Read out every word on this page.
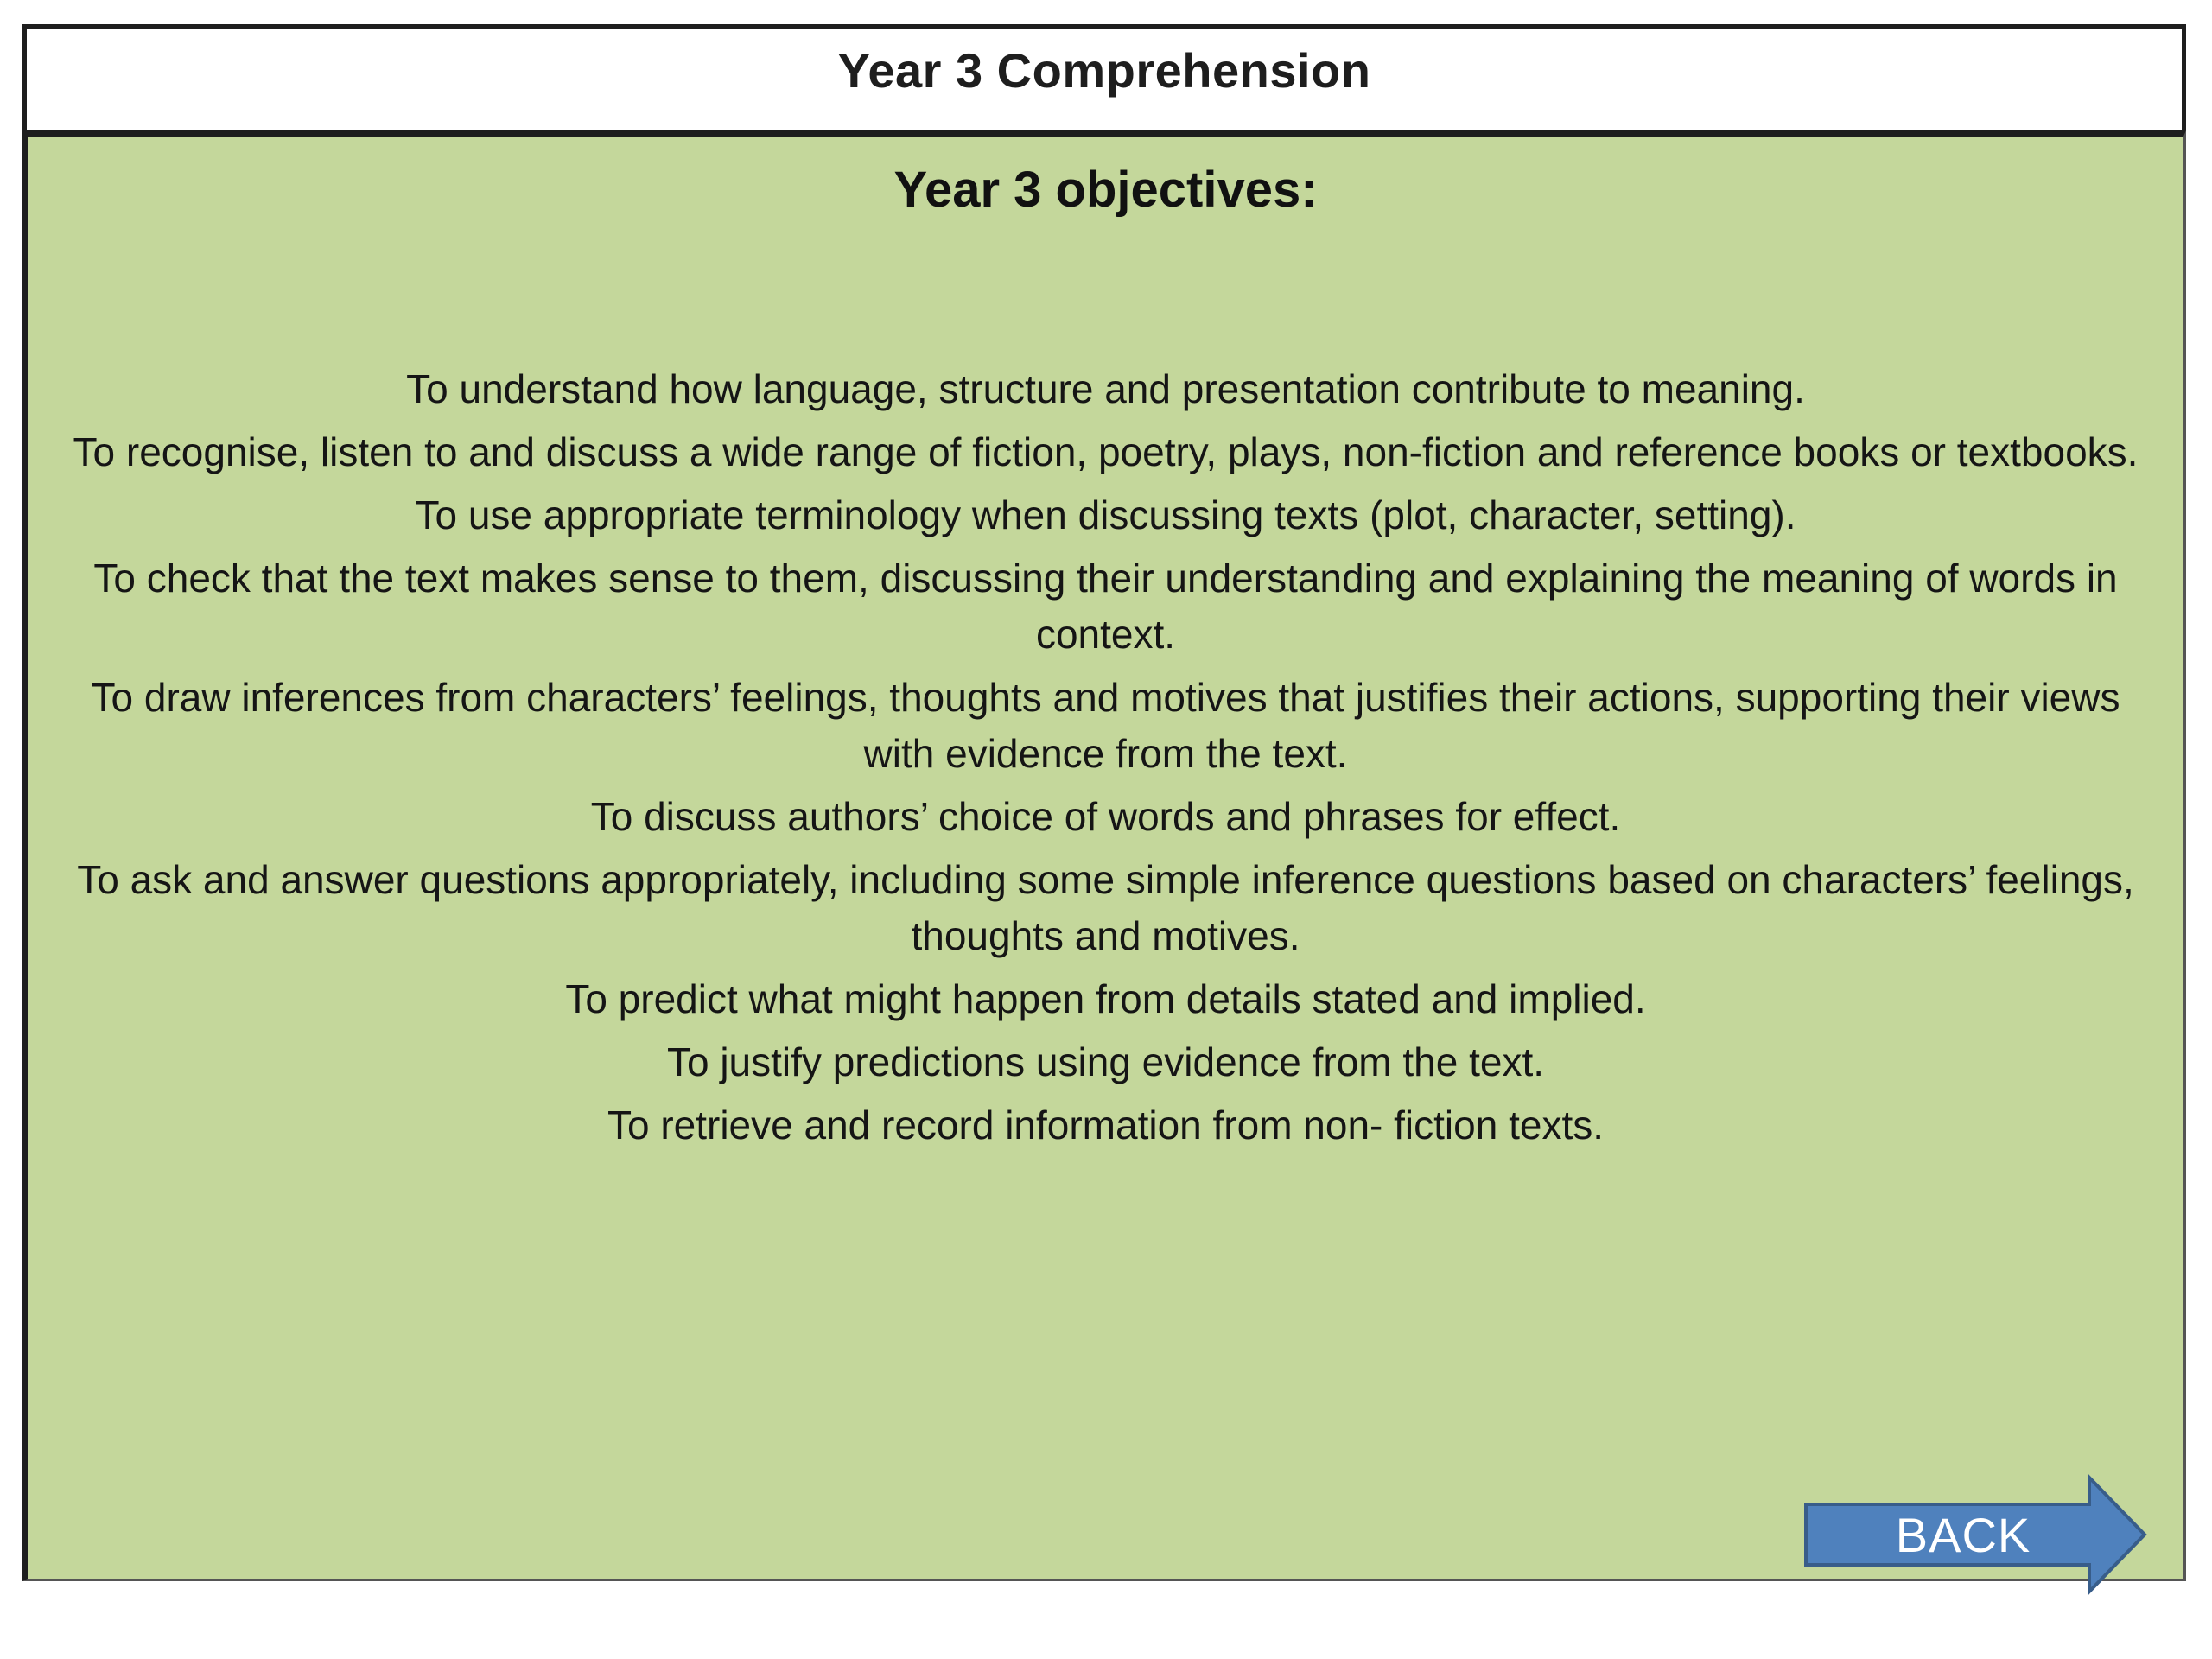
Year 3 Comprehension
Year 3 objectives:
To understand how language, structure and presentation contribute to meaning.
To recognise, listen to and discuss a wide range of fiction, poetry, plays, non-fiction and reference books or textbooks.
To use appropriate terminology when discussing texts (plot, character, setting).
To check that the text makes sense to them, discussing their understanding and explaining the meaning of words in context.
To draw inferences from characters’ feelings, thoughts and motives that justifies their actions, supporting their views with evidence from the text.
To discuss authors’ choice of words and phrases for effect.
To ask and answer questions appropriately, including some simple inference questions based on characters’ feelings, thoughts and motives.
To predict what might happen from details stated and implied.
To justify predictions using evidence from the text.
To retrieve and record information from non- fiction texts.
BACK
